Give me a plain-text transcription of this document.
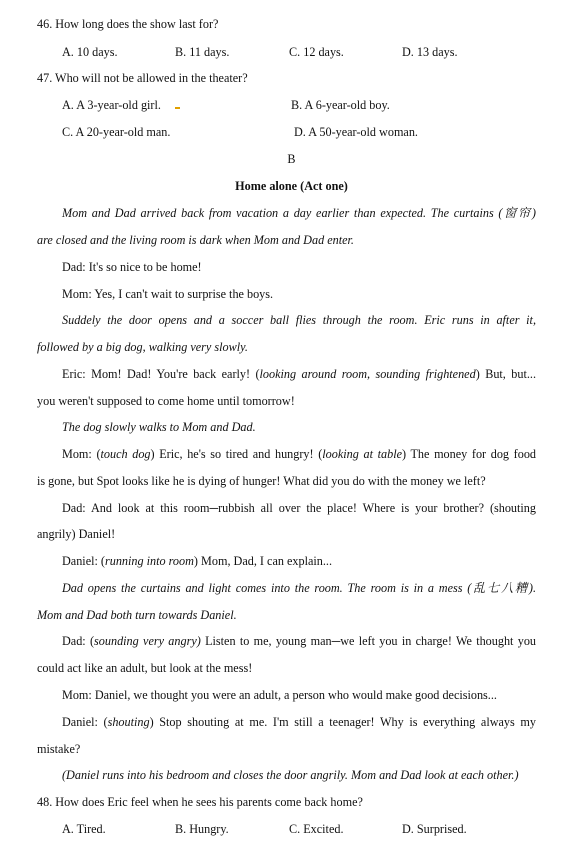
46. How long does the show last for?
A. 10 days.	B. 11 days.	C. 12 days.	D. 13 days.
47. Who will not be allowed in the theater?
A. A 3-year-old girl.	B. A 6-year-old boy.
C. A 20-year-old man.	D. A 50-year-old woman.
B
Home alone (Act one)
Mom and Dad arrived back from vacation a day earlier than expected. The curtains (窗帘)
are closed and the living room is dark when Mom and Dad enter.
Dad: It's so nice to be home!
Mom: Yes, I can't wait to surprise the boys.
Suddely the door opens and a soccer ball flies through the room. Eric runs in after it,
followed by a big dog, walking very slowly.
Eric: Mom! Dad! You're back early! (looking around room, sounding frightened) But, but...
you weren't supposed to come home until tomorrow!
The dog slowly walks to Mom and Dad.
Mom: (touch dog) Eric, he's so tired and hungry! (looking at table) The money for dog food
is gone, but Spot looks like he is dying of hunger! What did you do with the money we left?
Dad: And look at this room─rubbish all over the place! Where is your brother? (shouting
angrily) Daniel!
Daniel: (running into room) Mom, Dad, I can explain...
Dad opens the curtains and light comes into the room. The room is in a mess (乱七八糟).
Mom and Dad both turn towards Daniel.
Dad: (sounding very angry) Listen to me, young man─we left you in charge! We thought you
could act like an adult, but look at the mess!
Mom: Daniel, we thought you were an adult, a person who would make good decisions...
Daniel: (shouting) Stop shouting at me. I'm still a teenager! Why is everything always my
mistake?
(Daniel runs into his bedroom and closes the door angrily. Mom and Dad look at each other.)
48. How does Eric feel when he sees his parents come back home?
A. Tired.	B. Hungry.	C. Excited.	D. Surprised.
